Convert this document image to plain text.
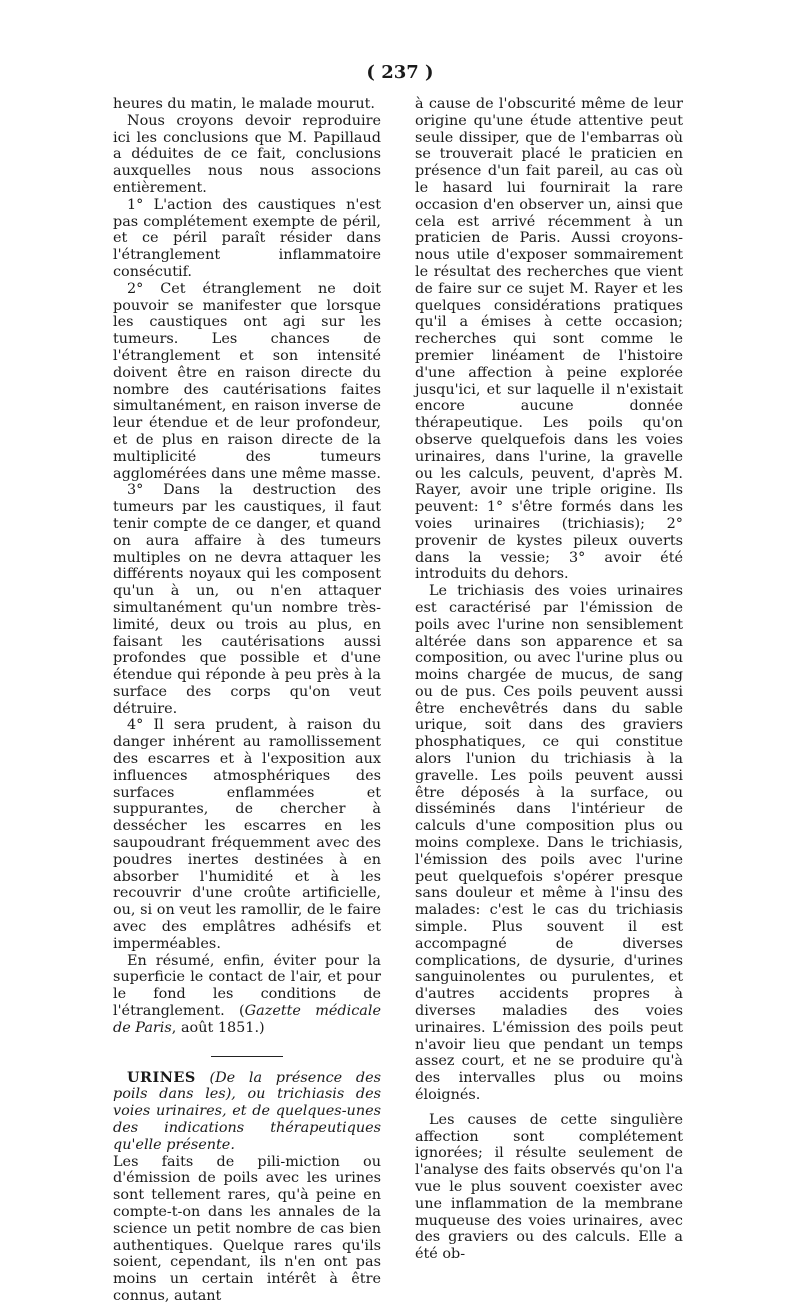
( 237 )

heures du matin, le malade mourut.

Nous croyons devoir reproduire ici les conclusions que M. Papillaud a déduites de ce fait, conclusions auxquelles nous nous associons entièrement.

1° L'action des caustiques n'est pas complétement exempte de péril, et ce péril paraît résider dans l'étranglement inflammatoire consécutif.

2° Cet étranglement ne doit pouvoir se manifester que lorsque les caustiques ont agi sur les tumeurs. Les chances de l'étranglement et son intensité doivent être en raison directe du nombre des cautérisations faites simultanément, en raison inverse de leur étendue et de leur profondeur, et de plus en raison directe de la multiplicité des tumeurs agglomérées dans une même masse.

3° Dans la destruction des tumeurs par les caustiques, il faut tenir compte de ce danger, et quand on aura affaire à des tumeurs multiples on ne devra attaquer les différents noyaux qui les composent qu'un à un, ou n'en attaquer simultanément qu'un nombre très-limité, deux ou trois au plus, en faisant les cautérisations aussi profondes que possible et d'une étendue qui réponde à peu près à la surface des corps qu'on veut détruire.

4° Il sera prudent, à raison du danger inhérent au ramollissement des escarres et à l'exposition aux influences atmosphériques des surfaces enflammées et suppurantes, de chercher à dessécher les escarres en les saupoudrant fréquemment avec des poudres inertes destinées à en absorber l'humidité et à les recouvrir d'une croûte artificielle, ou, si on veut les ramollir, de le faire avec des emplâtres adhésifs et imperméables.

En résumé, enfin, éviter pour la superficie le contact de l'air, et pour le fond les conditions de l'étranglement. (Gazette médicale de Paris, août 1851.)

URINES (De la présence des poils dans les), ou trichiasis des voies urinaires, et de quelques-unes des indications thérapeutiques qu'elle présente.

Les faits de pili-miction ou d'émission de poils avec les urines sont tellement rares, qu'à peine en compte-t-on dans les annales de la science un petit nombre de cas bien authentiques. Quelque rares qu'ils soient, cependant, ils n'en ont pas moins un certain intérêt à être connus, autant

à cause de l'obscurité même de leur origine qu'une étude attentive peut seule dissiper, que de l'embarras où se trouverait placé le praticien en présence d'un fait pareil, au cas où le hasard lui fournirait la rare occasion d'en observer un, ainsi que cela est arrivé récemment à un praticien de Paris. Aussi croyons-nous utile d'exposer sommairement le résultat des recherches que vient de faire sur ce sujet M. Rayer et les quelques considérations pratiques qu'il a émises à cette occasion; recherches qui sont comme le premier linéament de l'histoire d'une affection à peine explorée jusqu'ici, et sur laquelle il n'existait encore aucune donnée thérapeutique. Les poils qu'on observe quelquefois dans les voies urinaires, dans l'urine, la gravelle ou les calculs, peuvent, d'après M. Rayer, avoir une triple origine. Ils peuvent: 1° s'être formés dans les voies urinaires (trichiasis); 2° provenir de kystes pileux ouverts dans la vessie; 3° avoir été introduits du dehors.

Le trichiasis des voies urinaires est caractérisé par l'émission de poils avec l'urine non sensiblement altérée dans son apparence et sa composition, ou avec l'urine plus ou moins chargée de mucus, de sang ou de pus. Ces poils peuvent aussi être enchevêtrés dans du sable urique, soit dans des graviers phosphatiques, ce qui constitue alors l'union du trichiasis à la gravelle. Les poils peuvent aussi être déposés à la surface, ou disséminés dans l'intérieur de calculs d'une composition plus ou moins complexe. Dans le trichiasis, l'émission des poils avec l'urine peut quelquefois s'opérer presque sans douleur et même à l'insu des malades: c'est le cas du trichiasis simple. Plus souvent il est accompagné de diverses complications, de dysurie, d'urines sanguinolentes ou purulentes, et d'autres accidents propres à diverses maladies des voies urinaires. L'émission des poils peut n'avoir lieu que pendant un temps assez court, et ne se produire qu'à des intervalles plus ou moins éloignés.

Les causes de cette singulière affection sont complétement ignorées; il résulte seulement de l'analyse des faits observés qu'on l'a vue le plus souvent coexister avec une inflammation de la membrane muqueuse des voies urinaires, avec des graviers ou des calculs. Elle a été ob-
